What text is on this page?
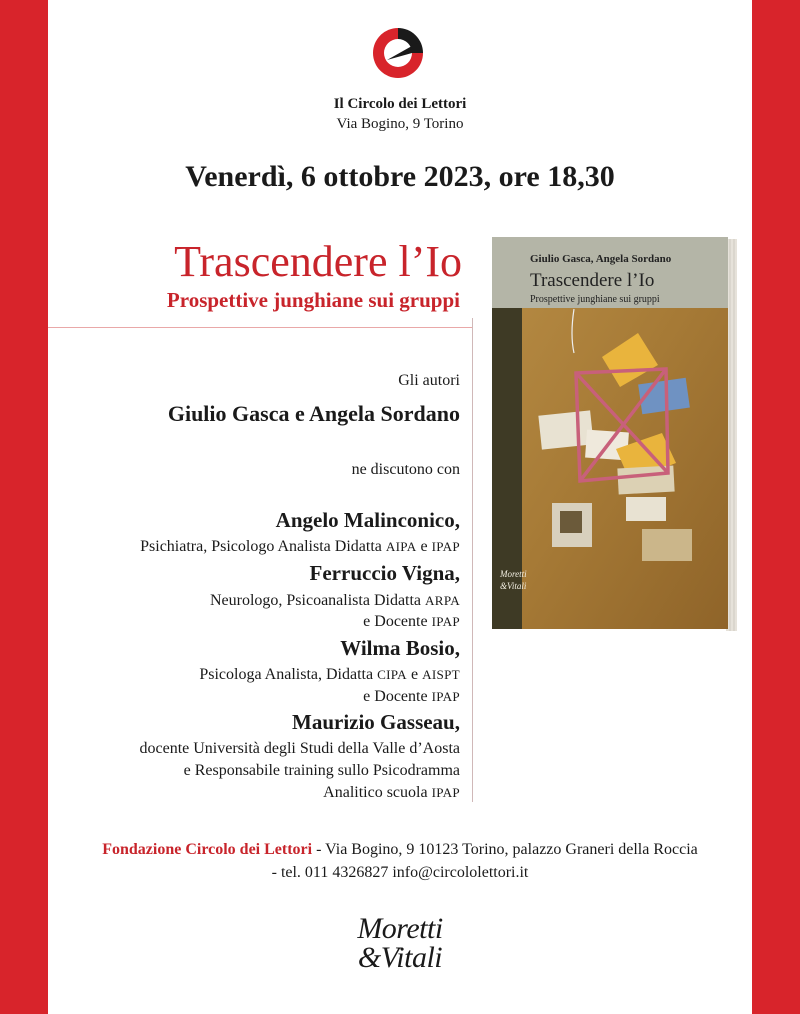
Il Circolo dei Lettori
Via Bogino, 9 Torino
Venerdì, 6 ottobre 2023, ore 18,30
Trascendere l’Io
Prospettive junghiane sui gruppi
Gli autori
Giulio Gasca e Angela Sordano
ne discutono con
Angelo Malinconico,
Psichiatra, Psicologo Analista Didatta AIPA e IPAP
Ferruccio Vigna,
Neurologo, Psicoanalista Didatta ARPA
e Docente IPAP
Wilma Bosio,
Psicologa Analista, Didatta CIPA e AISPT
e Docente IPAP
Maurizio Gasseau,
docente Università degli Studi della Valle d’Aosta
e Responsabile training sullo Psicodramma
Analitico scuola IPAP
Giulio Gasca, Angela Sordano
Trascendere l’Io
Prospettive junghiane sui gruppi
Moretti
&Vitali
Fondazione Circolo dei Lettori - Via Bogino, 9 10123 Torino, palazzo Graneri della Roccia
- tel. 011 4326827 info@circololettori.it
Moretti
&Vitali
